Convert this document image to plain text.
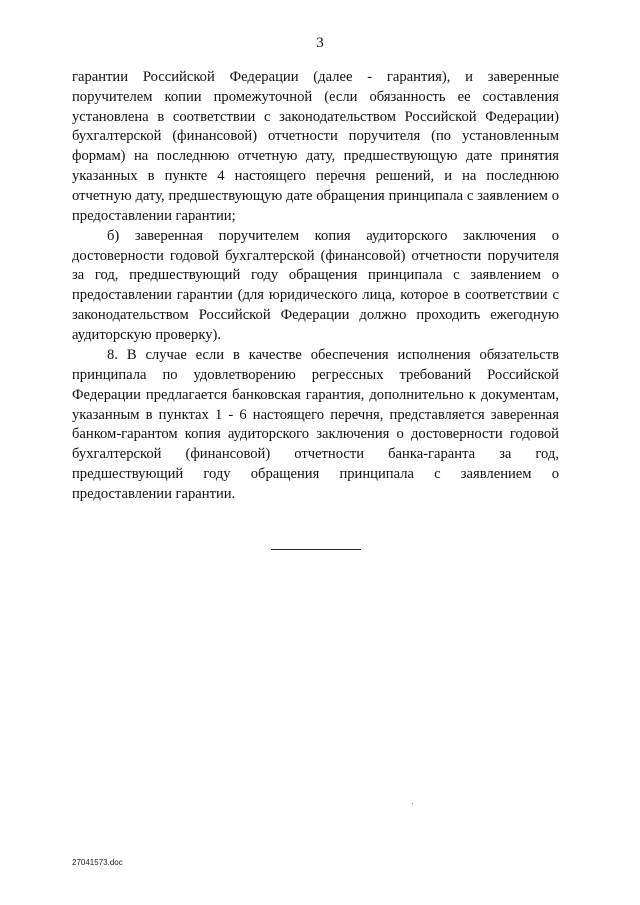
3

гарантии Российской Федерации (далее - гарантия), и заверенные поручителем копии промежуточной (если обязанность ее составления установлена в соответствии с законодательством Российской Федерации) бухгалтерской (финансовой) отчетности поручителя (по установленным формам) на последнюю отчетную дату, предшествующую дате принятия указанных в пункте 4 настоящего перечня решений, и на последнюю отчетную дату, предшествующую дате обращения принципала с заявлением о предоставлении гарантии;

б) заверенная поручителем копия аудиторского заключения о достоверности годовой бухгалтерской (финансовой) отчетности поручителя за год, предшествующий году обращения принципала с заявлением о предоставлении гарантии (для юридического лица, которое в соответствии с законодательством Российской Федерации должно проходить ежегодную аудиторскую проверку).

8. В случае если в качестве обеспечения исполнения обязательств принципала по удовлетворению регрессных требований Российской Федерации предлагается банковская гарантия, дополнительно к документам, указанным в пунктах 1 - 6 настоящего перечня, представляется заверенная банком-гарантом копия аудиторского заключения о достоверности годовой бухгалтерской (финансовой) отчетности банка-гаранта за год, предшествующий году обращения принципала с заявлением о предоставлении гарантии.

27041573.doc
